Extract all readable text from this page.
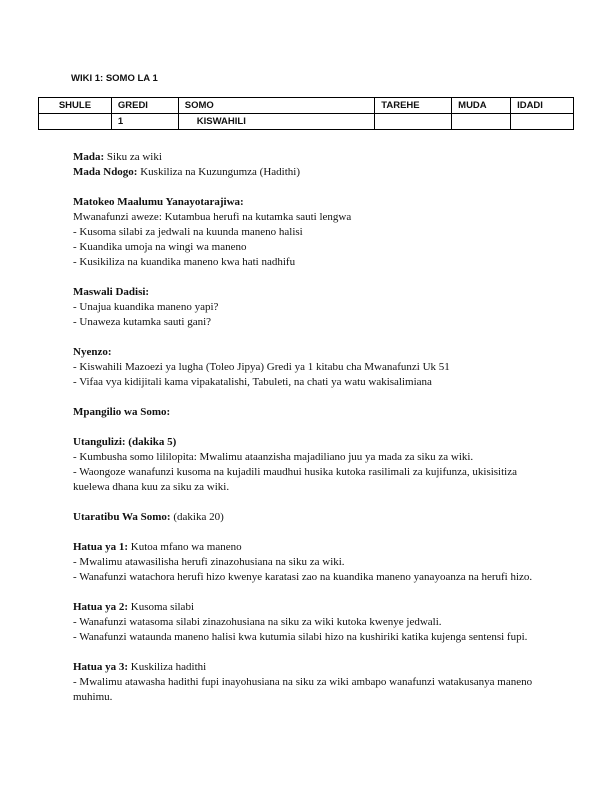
WIKI 1: SOMO LA 1
SHULE	GREDI	SOMO	TAREHE	MUDA	IDADI
	1	KISWAHILI			

Mada: Siku za wiki
Mada Ndogo: Kuskiliza na Kuzungumza (Hadithi)

Matokeo Maalumu Yanayotarajiwa:
Mwanafunzi aweze: Kutambua herufi na kutamka sauti lengwa
- Kusoma silabi za jedwali na kuunda maneno halisi
- Kuandika umoja na wingi wa maneno
- Kusikiliza na kuandika maneno kwa hati nadhifu

Maswali Dadisi:
- Unajua kuandika maneno yapi?
- Unaweza kutamka sauti gani?

Nyenzo:
- Kiswahili Mazoezi ya lugha (Toleo Jipya) Gredi ya 1 kitabu cha Mwanafunzi Uk 51
- Vifaa vya kidijitali kama vipakatalishi, Tabuleti, na chati ya watu wakisalimiana

Mpangilio wa Somo:

Utangulizi: (dakika 5)
- Kumbusha somo lililopita: Mwalimu ataanzisha majadiliano juu ya mada za siku za wiki.
- Waongoze wanafunzi kusoma na kujadili maudhui husika kutoka rasilimali za kujifunza, ukisisitiza kuelewa dhana kuu za siku za wiki.

Utaratibu Wa Somo: (dakika 20)

Hatua ya 1: Kutoa mfano wa maneno
- Mwalimu atawasilisha herufi zinazohusiana na siku za wiki.
- Wanafunzi watachora herufi hizo kwenye karatasi zao na kuandika maneno yanayoanza na herufi hizo.

Hatua ya 2: Kusoma silabi
- Wanafunzi watasoma silabi zinazohusiana na siku za wiki kutoka kwenye jedwali.
- Wanafunzi wataunda maneno halisi kwa kutumia silabi hizo na kushiriki katika kujenga sentensi fupi.

Hatua ya 3: Kuskiliza hadithi
- Mwalimu atawasha hadithi fupi inayohusiana na siku za wiki ambapo wanafunzi watakusanya maneno muhimu.
